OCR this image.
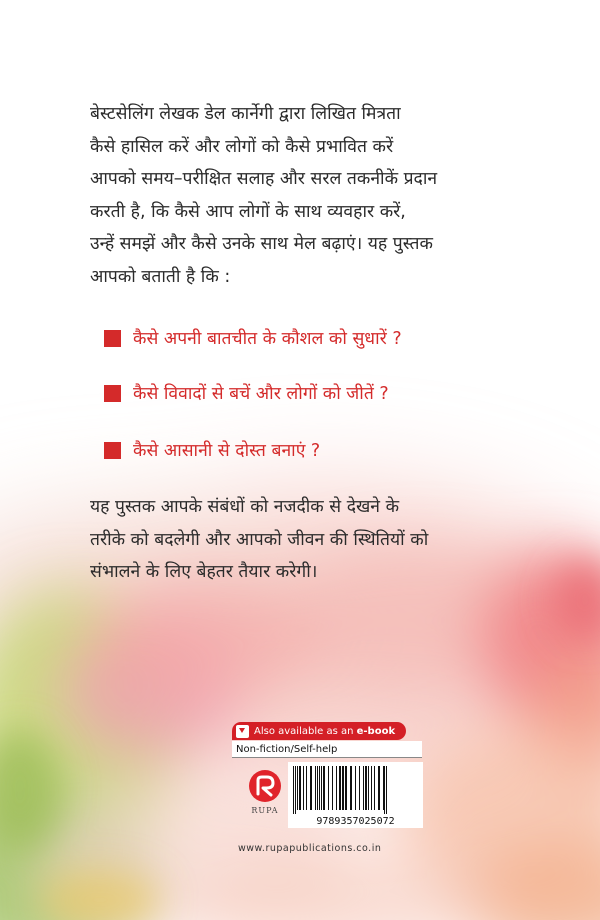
बेस्टसेलिंग लेखक डेल कार्नेगी द्वारा लिखित मित्रता
कैसे हासिल करें और लोगों को कैसे प्रभावित करें
आपको समय–परीक्षित सलाह और सरल तकनीकें प्रदान
करती है, कि कैसे आप लोगों के साथ व्यवहार करें,
उन्हें समझें और कैसे उनके साथ मेल बढ़ाएं। यह पुस्तक
आपको बताती है कि :
कैसे अपनी बातचीत के कौशल को सुधारें ?
कैसे विवादों से बचें और लोगों को जीतें ?
कैसे आसानी से दोस्त बनाएं ?
यह पुस्तक आपके संबंधों को नजदीक से देखने के
तरीके को बदलेगी और आपको जीवन की स्थितियों को
संभालने के लिए बेहतर तैयार करेगी।
Also available as an e-book
Non-fiction/Self-help
RUPA
9789357025072
www.rupapublications.co.in
